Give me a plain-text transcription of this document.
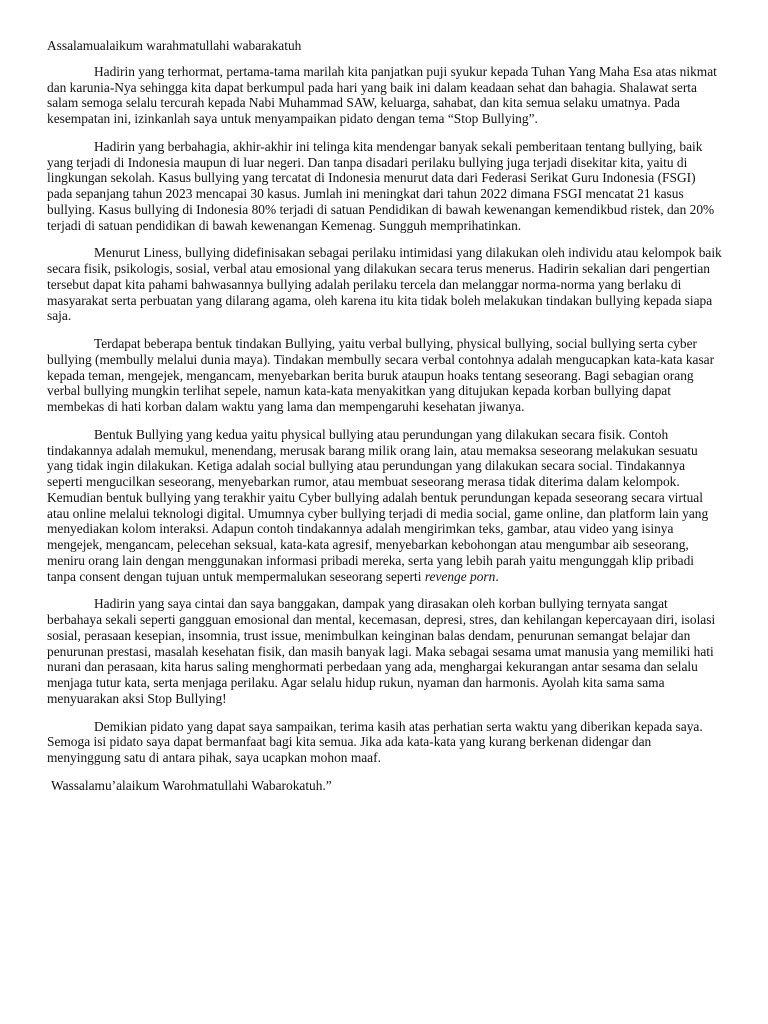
Assalamualaikum warahmatullahi wabarakatuh

Hadirin yang terhormat, pertama-tama marilah kita panjatkan puji syukur kepada Tuhan Yang Maha Esa atas nikmat dan karunia-Nya sehingga kita dapat berkumpul pada hari yang baik ini dalam keadaan sehat dan bahagia. Shalawat serta salam semoga selalu tercurah kepada Nabi Muhammad SAW, keluarga, sahabat, dan kita semua selaku umatnya. Pada kesempatan ini, izinkanlah saya untuk menyampaikan pidato dengan tema “Stop Bullying”.

Hadirin yang berbahagia, akhir-akhir ini telinga kita mendengar banyak sekali pemberitaan tentang bullying, baik yang terjadi di Indonesia maupun di luar negeri. Dan tanpa disadari perilaku bullying juga terjadi disekitar kita, yaitu di lingkungan sekolah. Kasus bullying yang tercatat di Indonesia menurut data dari Federasi Serikat Guru Indonesia (FSGI) pada sepanjang tahun 2023 mencapai 30 kasus. Jumlah ini meningkat dari tahun 2022 dimana FSGI mencatat 21 kasus bullying. Kasus bullying di Indonesia 80% terjadi di satuan Pendidikan di bawah kewenangan kemendikbud ristek, dan 20% terjadi di satuan pendidikan di bawah kewenangan Kemenag. Sungguh memprihatinkan.

Menurut Liness, bullying didefinisakan sebagai perilaku intimidasi yang dilakukan oleh individu atau kelompok baik secara fisik, psikologis, sosial, verbal atau emosional yang dilakukan secara terus menerus. Hadirin sekalian dari pengertian tersebut dapat kita pahami bahwasannya bullying adalah perilaku tercela dan melanggar norma-norma yang berlaku di masyarakat serta perbuatan yang dilarang agama, oleh karena itu kita tidak boleh melakukan tindakan bullying kepada siapa saja.

Terdapat beberapa bentuk tindakan Bullying, yaitu verbal bullying, physical bullying, social bullying serta cyber bullying (membully melalui dunia maya). Tindakan membully secara verbal contohnya adalah mengucapkan kata-kata kasar kepada teman, mengejek, mengancam, menyebarkan berita buruk ataupun hoaks tentang seseorang. Bagi sebagian orang verbal bullying mungkin terlihat sepele, namun kata-kata menyakitkan yang ditujukan kepada korban bullying dapat membekas di hati korban dalam waktu yang lama dan mempengaruhi kesehatan jiwanya.

Bentuk Bullying yang kedua yaitu physical bullying atau perundungan yang dilakukan secara fisik. Contoh tindakannya adalah memukul, menendang, merusak barang milik orang lain, atau memaksa seseorang melakukan sesuatu yang tidak ingin dilakukan. Ketiga adalah social bullying atau perundungan yang dilakukan secara social. Tindakannya seperti mengucilkan seseorang, menyebarkan rumor, atau membuat seseorang merasa tidak diterima dalam kelompok. Kemudian bentuk bullying yang terakhir yaitu Cyber bullying adalah bentuk perundungan kepada seseorang secara virtual atau online melalui teknologi digital. Umumnya cyber bullying terjadi di media social, game online, dan platform lain yang menyediakan kolom interaksi. Adapun contoh tindakannya adalah mengirimkan teks, gambar, atau video yang isinya mengejek, mengancam, pelecehan seksual, kata-kata agresif, menyebarkan kebohongan atau mengumbar aib seseorang, meniru orang lain dengan menggunakan informasi pribadi mereka, serta yang lebih parah yaitu mengunggah klip pribadi tanpa consent dengan tujuan untuk mempermalukan seseorang seperti revenge porn.

Hadirin yang saya cintai dan saya banggakan, dampak yang dirasakan oleh korban bullying ternyata sangat berbahaya sekali seperti gangguan emosional dan mental, kecemasan, depresi, stres, dan kehilangan kepercayaan diri, isolasi sosial, perasaan kesepian, insomnia, trust issue, menimbulkan keinginan balas dendam, penurunan semangat belajar dan penurunan prestasi, masalah kesehatan fisik, dan masih banyak lagi. Maka sebagai sesama umat manusia yang memiliki hati nurani dan perasaan, kita harus saling menghormati perbedaan yang ada, menghargai kekurangan antar sesama dan selalu menjaga tutur kata, serta menjaga perilaku. Agar selalu hidup rukun, nyaman dan harmonis. Ayolah kita sama sama menyuarakan aksi Stop Bullying!

Demikian pidato yang dapat saya sampaikan, terima kasih atas perhatian serta waktu yang diberikan kepada saya. Semoga isi pidato saya dapat bermanfaat bagi kita semua. Jika ada kata-kata yang kurang berkenan didengar dan menyinggung satu di antara pihak, saya ucapkan mohon maaf.

Wassalamu’alaikum Warohmatullahi Wabarokatuh.”
